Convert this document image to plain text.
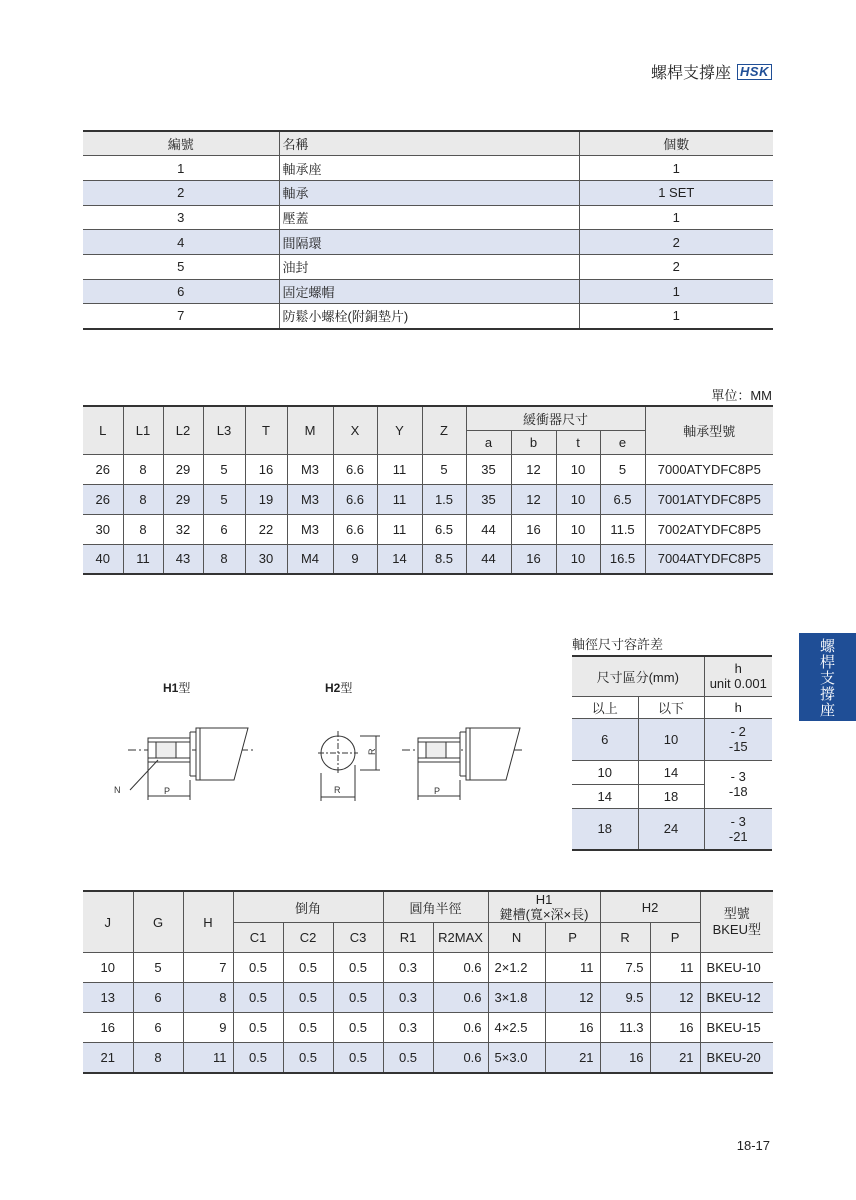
螺桿支撐座 HSK
編號	名稱	個數
1	軸承座	1
2	軸承	1 SET
3	壓蓋	1
4	間隔環	2
5	油封	2
6	固定螺帽	1
7	防鬆小螺栓(附銅墊片)	1
單位：MM
L	L1	L2	L3	T	M	X	Y	Z	緩衝器尺寸				軸承型號
									a	b	t	e	
26	8	29	5	16	M3	6.6	11	5	35	12	10	5	7000ATYDFC8P5
26	8	29	5	19	M3	6.6	11	1.5	35	12	10	6.5	7001ATYDFC8P5
30	8	32	6	22	M3	6.6	11	6.5	44	16	10	11.5	7002ATYDFC8P5
40	11	43	8	30	M4	9	14	8.5	44	16	10	16.5	7004ATYDFC8P5
H1型	H2型
N	P	R
R
P
軸徑尺寸容許差
尺寸區分(mm)		h
unit 0.001
以上	以下	h
6	10	- 2
-15
10	14	- 3
-18
14	18	
18	24	- 3
-21
螺
桿
支
撐
座
J	G	H	倒角			圓角半徑		H1
鍵槽(寬×深×長)		H2		型號
BKEU型
			C1	C2	C3	R1	R2MAX	N	P	R	P	
10	5	7	0.5	0.5	0.5	0.3	0.6	2×1.2	11	7.5	11	BKEU-10
13	6	8	0.5	0.5	0.5	0.3	0.6	3×1.8	12	9.5	12	BKEU-12
16	6	9	0.5	0.5	0.5	0.3	0.6	4×2.5	16	11.3	16	BKEU-15
21	8	11	0.5	0.5	0.5	0.5	0.6	5×3.0	21	16	21	BKEU-20
18-17
